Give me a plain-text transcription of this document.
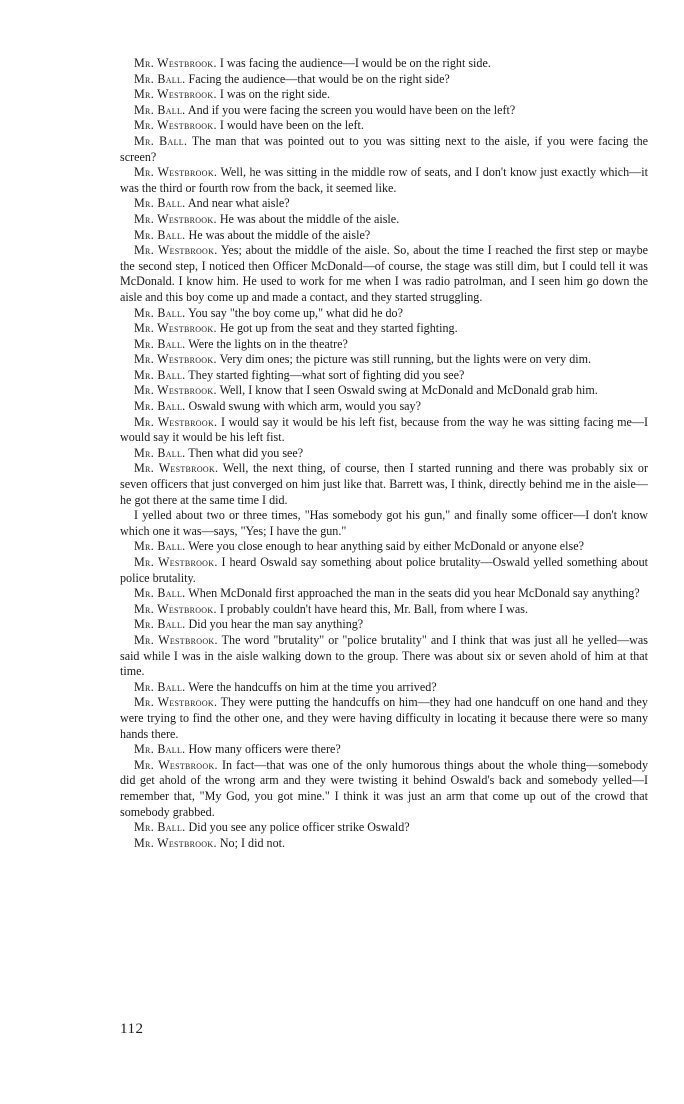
Mr. Westbrook. I was facing the audience—I would be on the right side.

Mr. Ball. Facing the audience—that would be on the right side?

Mr. Westbrook. I was on the right side.

Mr. Ball. And if you were facing the screen you would have been on the left?

Mr. Westbrook. I would have been on the left.

Mr. Ball. The man that was pointed out to you was sitting next to the aisle, if you were facing the screen?

Mr. Westbrook. Well, he was sitting in the middle row of seats, and I don't know just exactly which—it was the third or fourth row from the back, it seemed like.

Mr. Ball. And near what aisle?

Mr. Westbrook. He was about the middle of the aisle.

Mr. Ball. He was about the middle of the aisle?

Mr. Westbrook. Yes; about the middle of the aisle. So, about the time I reached the first step or maybe the second step, I noticed then Officer McDonald—of course, the stage was still dim, but I could tell it was McDonald. I know him. He used to work for me when I was radio patrolman, and I seen him go down the aisle and this boy come up and made a contact, and they started struggling.

Mr. Ball. You say "the boy come up," what did he do?

Mr. Westbrook. He got up from the seat and they started fighting.

Mr. Ball. Were the lights on in the theatre?

Mr. Westbrook. Very dim ones; the picture was still running, but the lights were on very dim.

Mr. Ball. They started fighting—what sort of fighting did you see?

Mr. Westbrook. Well, I know that I seen Oswald swing at McDonald and McDonald grab him.

Mr. Ball. Oswald swung with which arm, would you say?

Mr. Westbrook. I would say it would be his left fist, because from the way he was sitting facing me—I would say it would be his left fist.

Mr. Ball. Then what did you see?

Mr. Westbrook. Well, the next thing, of course, then I started running and there was probably six or seven officers that just converged on him just like that. Barrett was, I think, directly behind me in the aisle—he got there at the same time I did.

I yelled about two or three times, "Has somebody got his gun," and finally some officer—I don't know which one it was—says, "Yes; I have the gun."

Mr. Ball. Were you close enough to hear anything said by either McDonald or anyone else?

Mr. Westbrook. I heard Oswald say something about police brutality—Oswald yelled something about police brutality.

Mr. Ball. When McDonald first approached the man in the seats did you hear McDonald say anything?

Mr. Westbrook. I probably couldn't have heard this, Mr. Ball, from where I was.

Mr. Ball. Did you hear the man say anything?

Mr. Westbrook. The word "brutality" or "police brutality" and I think that was just all he yelled—was said while I was in the aisle walking down to the group. There was about six or seven ahold of him at that time.

Mr. Ball. Were the handcuffs on him at the time you arrived?

Mr. Westbrook. They were putting the handcuffs on him—they had one handcuff on one hand and they were trying to find the other one, and they were having difficulty in locating it because there were so many hands there.

Mr. Ball. How many officers were there?

Mr. Westbrook. In fact—that was one of the only humorous things about the whole thing—somebody did get ahold of the wrong arm and they were twisting it behind Oswald's back and somebody yelled—I remember that, "My God, you got mine." I think it was just an arm that come up out of the crowd that somebody grabbed.

Mr. Ball. Did you see any police officer strike Oswald?

Mr. Westbrook. No; I did not.

112
